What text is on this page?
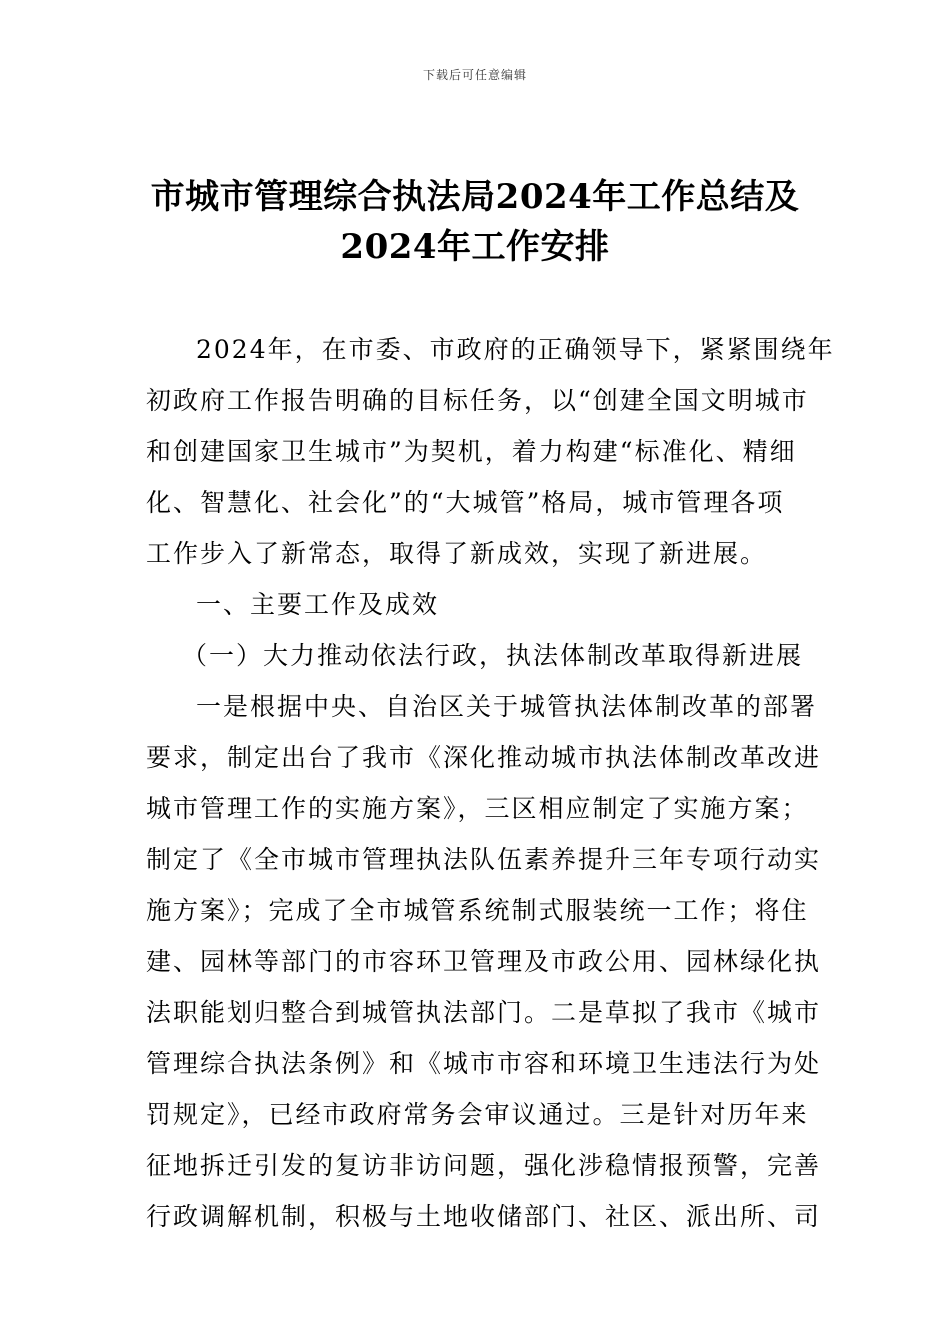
下载后可任意编辑
市城市管理综合执法局2024年工作总结及
2024年工作安排
2024年，在市委、市政府的正确领导下，紧紧围绕年
初政府工作报告明确的目标任务，以“创建全国文明城市
和创建国家卫生城市”为契机，着力构建“标准化、精细
化、智慧化、社会化”的“大城管”格局，城市管理各项
工作步入了新常态，取得了新成效，实现了新进展。
一、主要工作及成效
（一）大力推动依法行政，执法体制改革取得新进展
一是根据中央、自治区关于城管执法体制改革的部署
要求，制定出台了我市《深化推动城市执法体制改革改进
城市管理工作的实施方案》，三区相应制定了实施方案；
制定了《全市城市管理执法队伍素养提升三年专项行动实
施方案》；完成了全市城管系统制式服装统一工作；将住
建、园林等部门的市容环卫管理及市政公用、园林绿化执
法职能划归整合到城管执法部门。二是草拟了我市《城市
管理综合执法条例》和《城市市容和环境卫生违法行为处
罚规定》，已经市政府常务会审议通过。三是针对历年来
征地拆迁引发的复访非访问题，强化涉稳情报预警，完善
行政调解机制，积极与土地收储部门、社区、派出所、司
